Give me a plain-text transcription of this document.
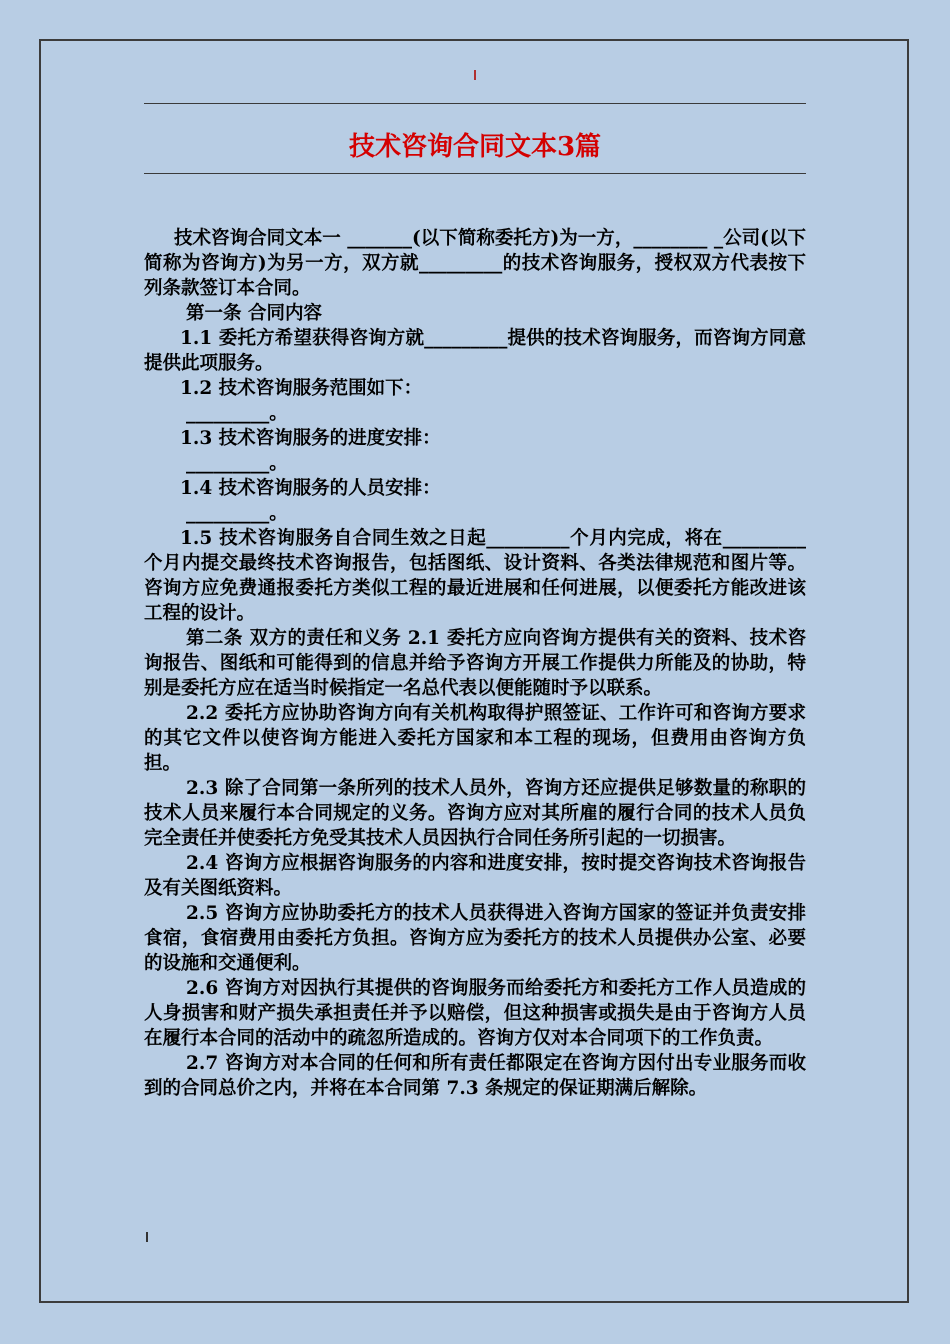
技术咨询合同文本3篇

技术咨询合同文本一 _______(以下简称委托方)为一方，________ _公司(以下简称为咨询方)为另一方，双方就_________的技术咨询服务，授权双方代表按下列条款签订本合同。

第一条 合同内容

1.1 委托方希望获得咨询方就_________提供的技术咨询服务，而咨询方同意提供此项服务。

1.2 技术咨询服务范围如下：

_________。

1.3 技术咨询服务的进度安排：

_________。

1.4 技术咨询服务的人员安排：

_________。

1.5 技术咨询服务自合同生效之日起_________个月内完成，将在_________个月内提交最终技术咨询报告，包括图纸、设计资料、各类法律规范和图片等。咨询方应免费通报委托方类似工程的最近进展和任何进展，以便委托方能改进该工程的设计。

第二条 双方的责任和义务 2.1 委托方应向咨询方提供有关的资料、技术咨询报告、图纸和可能得到的信息并给予咨询方开展工作提供力所能及的协助，特别是委托方应在适当时候指定一名总代表以便能随时予以联系。

2.2 委托方应协助咨询方向有关机构取得护照签证、工作许可和咨询方要求的其它文件以使咨询方能进入委托方国家和本工程的现场，但费用由咨询方负担。

2.3 除了合同第一条所列的技术人员外，咨询方还应提供足够数量的称职的技术人员来履行本合同规定的义务。咨询方应对其所雇的履行合同的技术人员负完全责任并使委托方免受其技术人员因执行合同任务所引起的一切损害。

2.4 咨询方应根据咨询服务的内容和进度安排，按时提交咨询技术咨询报告及有关图纸资料。

2.5 咨询方应协助委托方的技术人员获得进入咨询方国家的签证并负责安排食宿，食宿费用由委托方负担。咨询方应为委托方的技术人员提供办公室、必要的设施和交通便利。

2.6 咨询方对因执行其提供的咨询服务而给委托方和委托方工作人员造成的人身损害和财产损失承担责任并予以赔偿，但这种损害或损失是由于咨询方人员在履行本合同的活动中的疏忽所造成的。咨询方仅对本合同项下的工作负责。

2.7 咨询方对本合同的任何和所有责任都限定在咨询方因付出专业服务而收到的合同总价之内，并将在本合同第 7.3 条规定的保证期满后解除。
